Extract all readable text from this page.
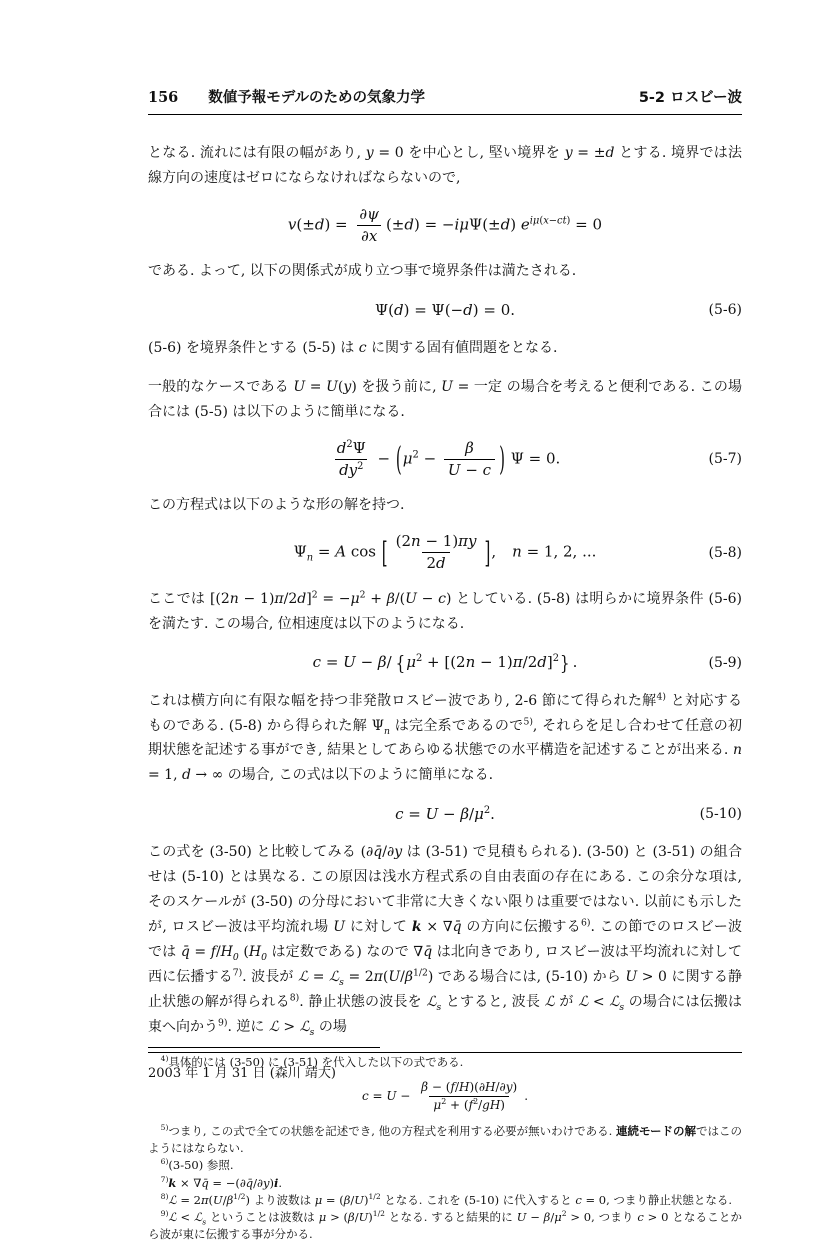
156 数値予報モデルのための気象力学	5-2 ロスビー波
となる. 流れには有限の幅があり, y = 0 を中心とし, 堅い境界を y = ±d とする. 境界では法線方向の速度はゼロにならなければならないので,
$v(\pm d) = \frac{\partial\psi}{\partial x} (\pm d) = -i\mu\Psi(\pm d) e^{i\mu(x-ct)} = 0$
である. よって, 以下の関係式が成り立つ事で境界条件は満たされる.
Ψ(d) = Ψ(−d) = 0.	(5-6)
(5-6) を境界条件とする (5-5) は c に関する固有値問題をとなる.
一般的なケースである U = U(y) を扱う前に, U = 一定 の場合を考えると便利である. この場合には (5-5) は以下のように簡単になる.
$\frac{d^2\Psi}{dy^2} - (\mu^2 - \frac{\beta}{U - c}$ ) Ψ = 0.	(5-7)
この方程式は以下のような形の解を持つ.
$\Psi_n = A$ cos [ $\frac{(2n - 1)\pi y}{2d}$ ], n = 1, 2, ...	(5-8)
ここでは $[(2n - 1)\pi/2d]^2 = -\mu^2 + \beta/(U - c)$ としている. (5-8) は明らかに境界条件 (5-6) を満たす. この場合, 位相速度は以下のようになる.
c = U − β/ $\{\mu^2 + [(2n - 1)\pi/2d]^2\}$ .	(5-9)
これは横方向に有限な幅を持つ非発散ロスビー波であり, 2-6 節にて得られた解$^{4)}$ と対応するものである. (5-8) から得られた解 $\Psi_n$ は完全系であるので$^{5)}$, それらを足し合わせて任意の初期状態を記述する事ができ, 結果としてあらゆる状態での水平構造を記述することが出来る. n = 1, d → ∞ の場合, この式は以下のように簡単になる.
$c = U - \beta/\mu^2$.	(5-10)
この式を (3-50) と比較してみる (∂q̄/∂y は (3-51) で見積もられる). (3-50) と (3-51) の組合せは (5-10) とは異なる. この原因は浅水方程式系の自由表面の存在にある. この余分な項は, そのスケールが (3-50) の分母において非常に大きくない限りは重要ではない. 以前にも示したが, ロスビー波は平均流れ場 U に対して k × ∇q̄ の方向に伝搬する$^{6)}$. この節でのロスビー波では q̄ = $f/H_0$ ($H_0$ は定数である) なので ∇q̄ は北向きであり, ロスビー波は平均流れに対して西に伝播する$^{7)}$. 波長が ℒ = ℒ$_s$ = $2\pi(U/\beta^{1/2})$ である場合には, (5-10) から U > 0 に関する静止状態の解が得られる$^{8)}$. 静止状態の波長を ℒ$_s$ とすると, 波長 ℒ が ℒ < ℒ$_s$ の場合には伝搬は東へ向かう$^{9)}$. 逆に ℒ > ℒ$_s$ の場
$^{4)}$具体的には (3-50) に (3-51) を代入した以下の式である.
$c = U - \frac{\beta - (f/H)(\partial H/\partial y)}{\mu^2 + (f^2/gH)}$ .
$^{5)}$つまり, この式で全ての状態を記述でき, 他の方程式を利用する必要が無いわけである. 連続モードの解ではこのようにはならない.
$^{6)}$(3-50) 参照.
$^{7)}$k × ∇q̄ = −(∂q̄/∂y)i.
$^{8)}$ℒ = $2\pi(U/\beta^{1/2})$ より波数は $\mu = (\beta/U)^{1/2}$ となる. これを (5-10) に代入すると c = 0, つまり静止状態となる.
$^{9)}$ℒ < ℒ$_s$ ということは波数は $\mu > (\beta/U)^{1/2}$ となる. すると結果的に $U - \beta/\mu^2 > 0$, つまり c > 0 となることから波が東に伝搬する事が分かる.
2003 年 1 月 31 日 (森川 靖大)
